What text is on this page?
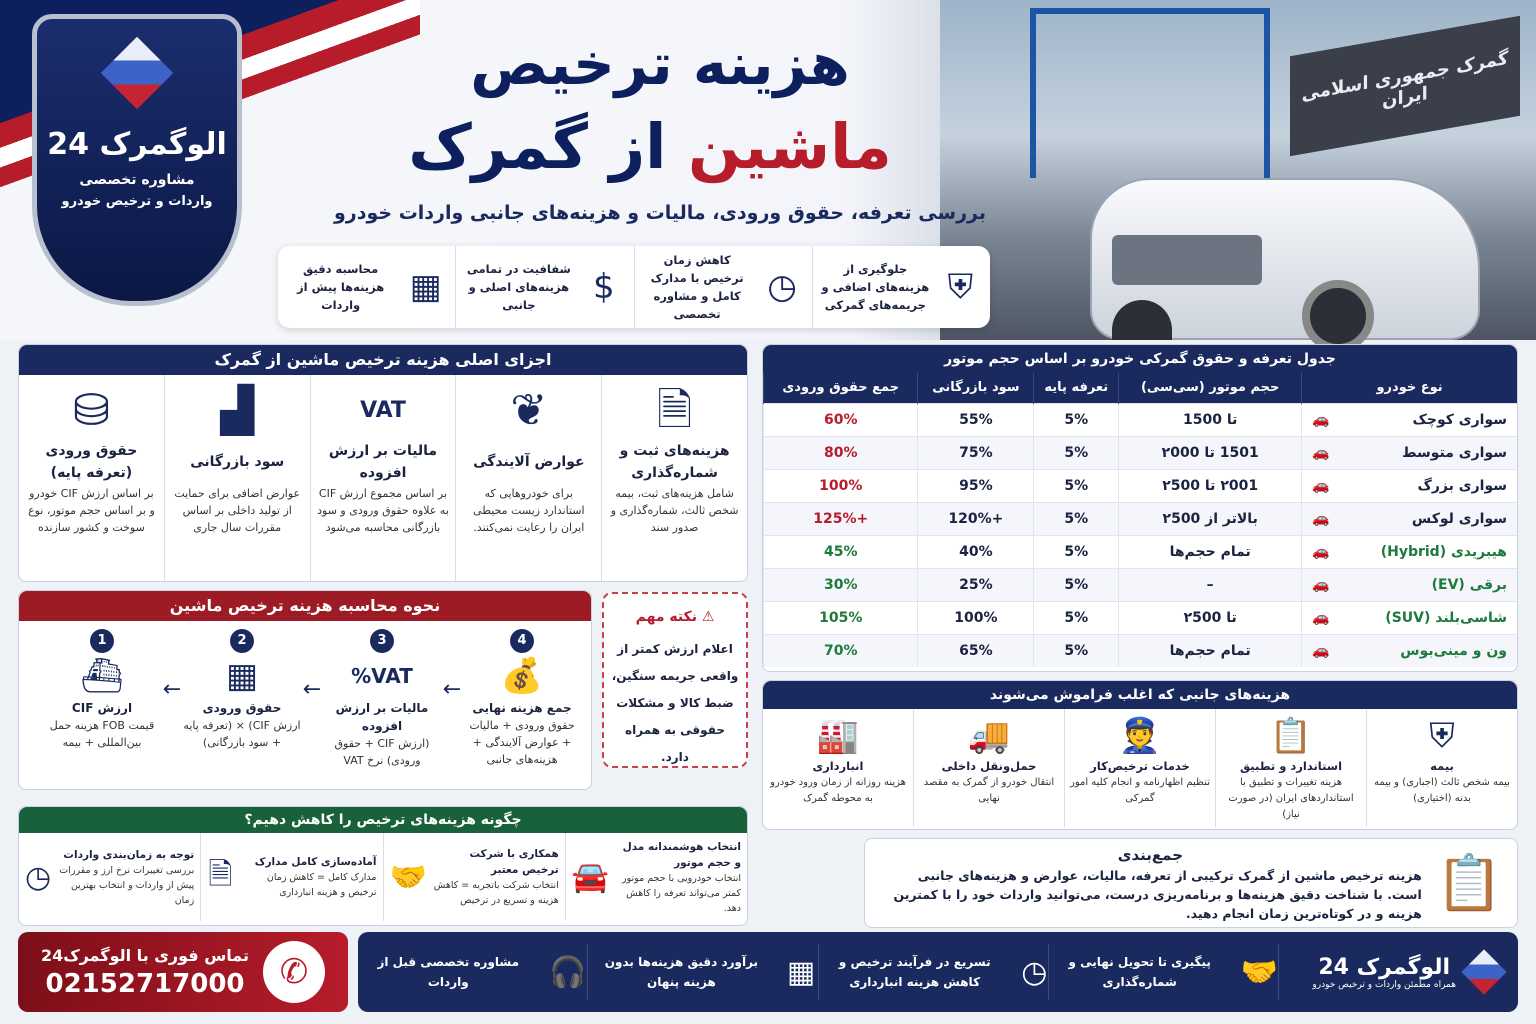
گمرک جمهوری اسلامی ایران
الوگمرک 24
مشاوره تخصصی
واردات و ترخیص خودرو
هزینه ترخیص
ماشین از گمرک
بررسی تعرفه، حقوق ورودی، مالیات و هزینه‌های جانبی واردات خودرو
⛨
جلوگیری از هزینه‌های اضافی و جریمه‌های گمرکی
◷
کاهش زمان ترخیص با مدارک کامل و مشاوره تخصصی
$
شفافیت در تمامی هزینه‌های اصلی و جانبی
▦
محاسبه دقیق هزینه‌ها پیش از واردات
اجزای اصلی هزینه ترخیص ماشین از گمرک
🗎
هزینه‌های ثبت و شماره‌گذاری
شامل هزینه‌های ثبت، بیمه شخص ثالث، شماره‌گذاری و صدور سند
❦
عوارض آلایندگی
برای خودروهایی که استاندارد زیست محیطی ایران را رعایت نمی‌کنند.
VAT
مالیات بر ارزش افزوده
بر اساس مجموع ارزش CIF به علاوه حقوق ورودی و سود بازرگانی محاسبه می‌شود
▟
سود بازرگانی
عوارض اضافی برای حمایت از تولید داخلی بر اساس مقررات سال جاری
⛁
حقوق ورودی (تعرفه پایه)
بر اساس ارزش CIF خودرو و بر اساس حجم موتور، نوع سوخت و کشور سازنده
نحوه محاسبه هزینه ترخیص ماشین
4
💰
جمع هزینه نهایی
حقوق ورودی + مالیات + عوارض آلایندگی + هزینه‌های جانبی
←
3
VAT%
مالیات بر ارزش افزوده
(ارزش CIF + حقوق ورودی) نرخ VAT
←
2
▦
حقوق ورودی
ارزش CIF) × (تعرفه پایه + سود بازرگانی)
←
1
⛴
ارزش CIF
قیمت FOB هزینه حمل بین‌المللی + بیمه
⚠ نکته مهم
اعلام ارزش کمتر از واقعی جریمه سنگین، ضبط کالا و مشکلات حقوقی به همراه دارد.
چگونه هزینه‌های ترخیص را کاهش دهیم؟
🚘
انتخاب هوشمندانه مدل و حجم موتور
انتخاب خودرویی با حجم موتور کمتر می‌تواند تعرفه را کاهش دهد.
🤝
همکاری با شرکت ترخیص معتبر
انتخاب شرکت باتجربه = کاهش هزینه و تسریع در ترخیص
🗎	آماده‌سازی کامل مدارک
مدارک کامل = کاهش زمان ترخیص و هزینه انبارداری
◷
توجه به زمان‌بندی واردات
بررسی تغییرات نرخ ارز و مقررات پیش از واردات و انتخاب بهترین زمان
جدول تعرفه و حقوق گمرکی خودرو بر اساس حجم موتور
نوع خودرو	حجم موتور (سی‌سی)	تعرفه پایه	سود بازرگانی	جمع حقوق ورودی

🚗 سواری کوچک	تا 1500	5%	55%	60%

🚗 سواری متوسط	1501 تا ۲000	5%	75%	80%

🚗 سواری بزرگ	۲001 تا ۲500	5%	95%	100%

🚗 سواری لوکس	بالاتر از ۲500	5%	+120%	+125%

🚗 هیبریدی (Hybrid)	تمام حجم‌ها	5%	40%	45%

🚗 برقی (EV)	–	5%	25%	30%

🚗 شاسی‌بلند (SUV)	تا ۲500	5%	100%	105%

🚗 ون و مینی‌بوس	تمام حجم‌ها	5%	65%	70%
هزینه‌های جانبی که اغلب فراموش می‌شوند
⛨
بیمه
بیمه شخص ثالث (اجباری) و بیمه بدنه (اختیاری)
📋
استاندارد و تطبیق
هزینه تغییرات و تطبیق با استانداردهای ایران (در صورت نیاز)
👮
خدمات ترخیص‌کار
تنظیم اظهارنامه و انجام کلیه امور گمرکی
🚚
حمل‌ونقل داخلی
انتقال خودرو از گمرک به مقصد نهایی
🏭
انبارداری
هزینه روزانه از زمان ورود خودرو به محوطه گمرک
📋
جمع‌بندی
هزینه ترخیص ماشین از گمرک ترکیبی از تعرفه، مالیات، عوارض و هزینه‌های جانبی است. با شناخت دقیق هزینه‌ها و برنامه‌ریزی درست، می‌توانید واردات خود را با کمترین هزینه و در کوتاه‌ترین زمان انجام دهید.
✆
تماس فوری با الوگمرک24
02152717000
الوگمرک 24
همراه مطمئن واردات و ترخیص خودرو
🤝
پیگیری تا تحویل نهایی و شماره‌گذاری
◷
تسریع در فرآیند ترخیص و کاهش هزینه انبارداری
▦
برآورد دقیق هزینه‌ها بدون هزینه پنهان
🎧
مشاوره تخصصی قبل از واردات
